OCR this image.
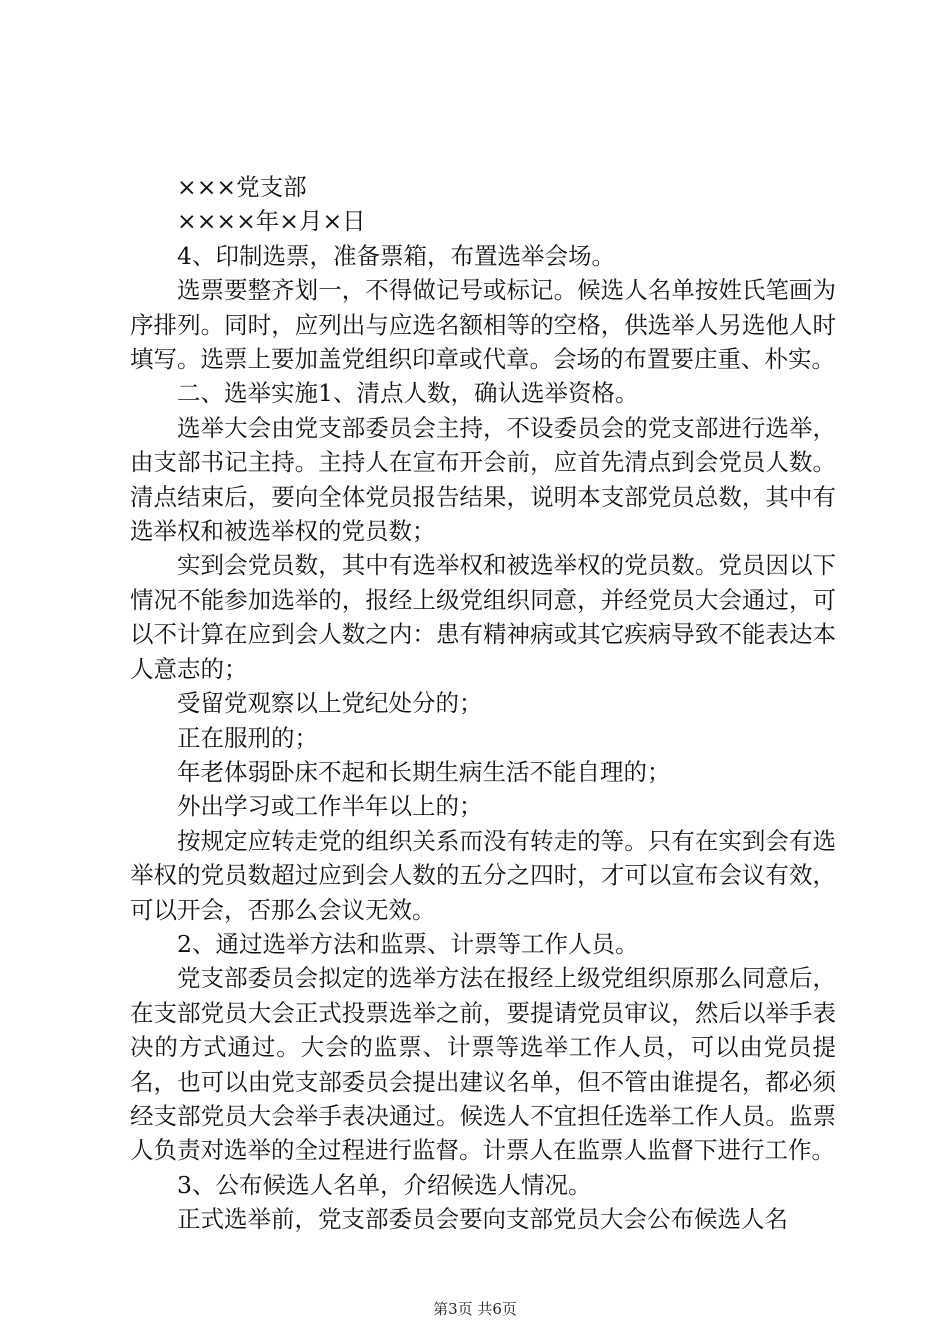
×××党支部

××××年×月×日

4、印制选票，准备票箱，布置选举会场。

选票要整齐划一，不得做记号或标记。候选人名单按姓氏笔画为序排列。同时，应列出与应选名额相等的空格，供选举人另选他人时填写。选票上要加盖党组织印章或代章。会场的布置要庄重、朴实。

二、选举实施1、清点人数，确认选举资格。

选举大会由党支部委员会主持，不设委员会的党支部进行选举，由支部书记主持。主持人在宣布开会前，应首先清点到会党员人数。清点结束后，要向全体党员报告结果，说明本支部党员总数，其中有选举权和被选举权的党员数；

实到会党员数，其中有选举权和被选举权的党员数。党员因以下情况不能参加选举的，报经上级党组织同意，并经党员大会通过，可以不计算在应到会人数之内：患有精神病或其它疾病导致不能表达本人意志的；

受留党观察以上党纪处分的；

正在服刑的；

年老体弱卧床不起和长期生病生活不能自理的；

外出学习或工作半年以上的；

按规定应转走党的组织关系而没有转走的等。只有在实到会有选举权的党员数超过应到会人数的五分之四时，才可以宣布会议有效，可以开会，否那么会议无效。

2、通过选举方法和监票、计票等工作人员。

党支部委员会拟定的选举方法在报经上级党组织原那么同意后，在支部党员大会正式投票选举之前，要提请党员审议，然后以举手表决的方式通过。大会的监票、计票等选举工作人员，可以由党员提名，也可以由党支部委员会提出建议名单，但不管由谁提名，都必须经支部党员大会举手表决通过。候选人不宜担任选举工作人员。监票人负责对选举的全过程进行监督。计票人在监票人监督下进行工作。

3、公布候选人名单，介绍候选人情况。

正式选举前，党支部委员会要向支部党员大会公布候选人名

第3页 共6页
